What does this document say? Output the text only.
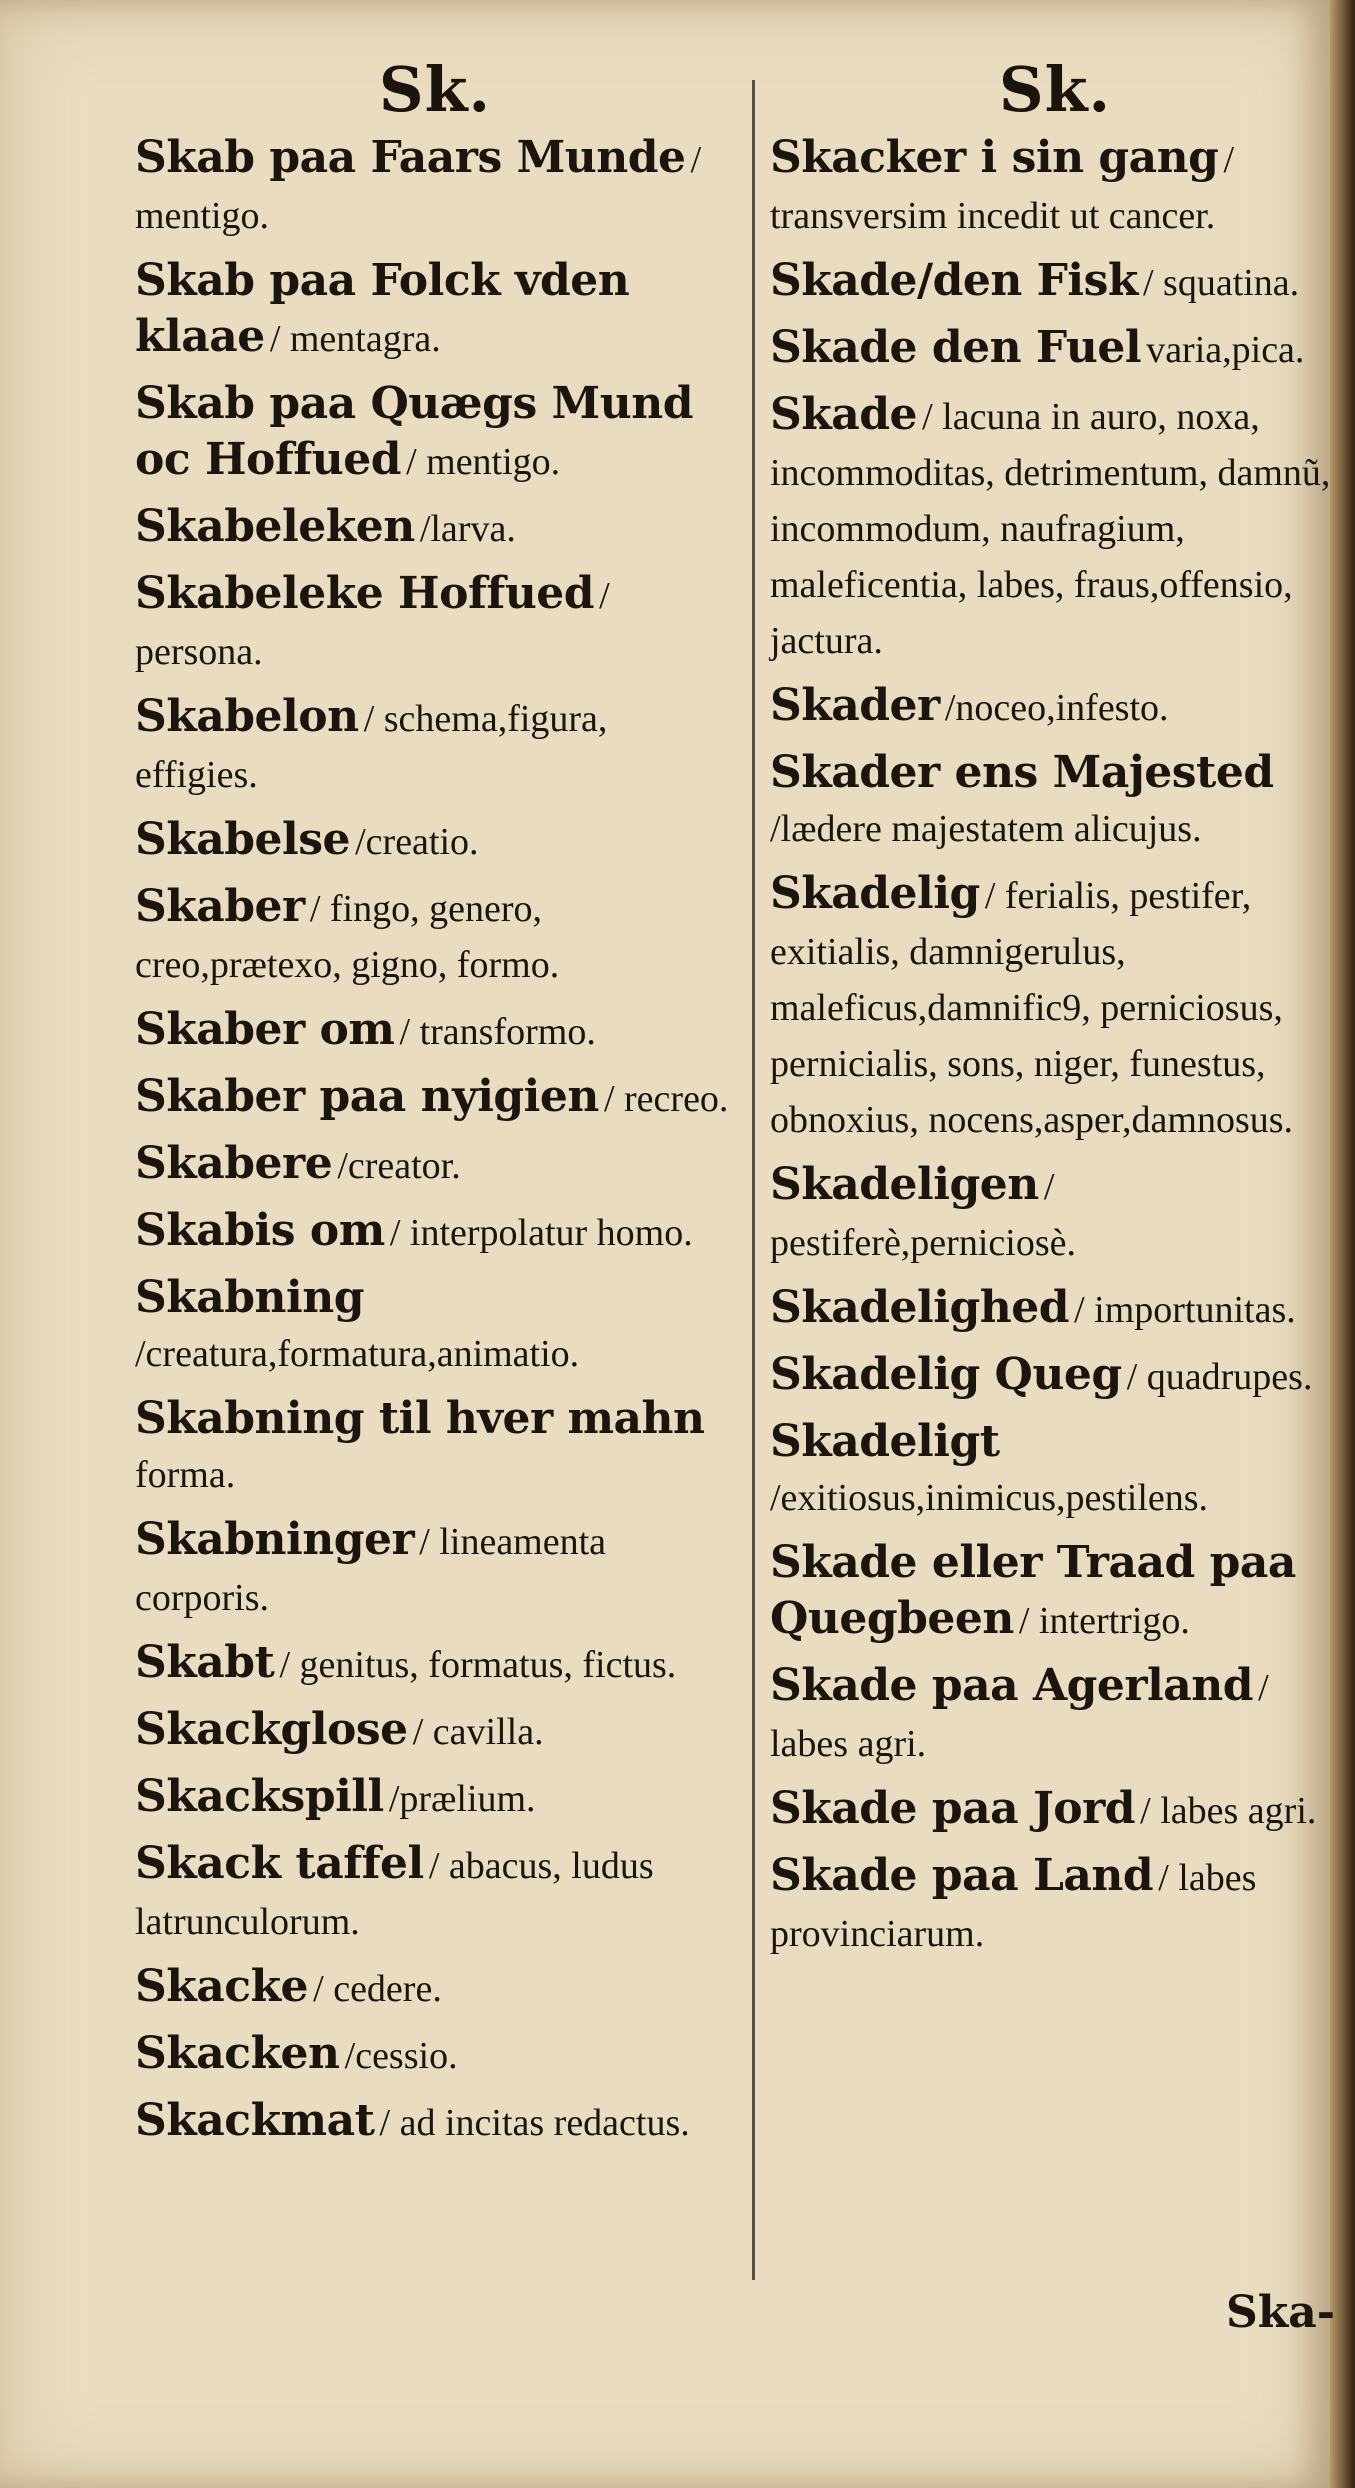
Sk.
Skab paa Faars Munde / mentigo.
Skab paa Folck vden klaae / mentagra.
Skab paa Quægs Mund oc Hoffued / mentigo.
Skabeleken /larva.
Skabeleke Hoffued / persona.
Skabelon / schema,figura, effigies.
Skabelse /creatio.
Skaber / fingo, genero, creo,prætexo, gigno, formo.
Skaber om / transformo.
Skaber paa nyigien / recreo.
Skabere /creator.
Skabis om / interpolatur homo.
Skabning /creatura,formatura,animatio.
Skabning til hver mahn forma.
Skabninger / lineamenta corporis.
Skabt / genitus, formatus, fictus.
Skackglose / cavilla.
Skackspill /prælium.
Skack taffel / abacus, ludus latrunculorum.
Skacke / cedere.
Skacken /cessio.
Skackmat / ad incitas redactus.
Sk.
Skacker i sin gang / transversim incedit ut cancer.
Skade/den Fisk / squatina.
Skade den Fuel varia,pica.
Skade / lacuna in auro, noxa, incommoditas, detrimentum, damnũ, incommodum, naufragium, maleficentia, labes, fraus,offensio, jactura.
Skader /noceo,infesto.
Skader ens Majested /lædere majestatem alicujus.
Skadelig / ferialis, pestifer, exitialis, damnigerulus, maleficus,damnific9, perniciosus, pernicialis, sons, niger, funestus, obnoxius, nocens,asper,damnosus.
Skadeligen / pestiferè,perniciosè.
Skadelighed / importunitas.
Skadelig Queg / quadrupes.
Skadeligt /exitiosus,inimicus,pestilens.
Skade eller Traad paa Quegbeen / intertrigo.
Skade paa Agerland / labes agri.
Skade paa Jord / labes agri.
Skade paa Land / labes provinciarum.
Ska-
